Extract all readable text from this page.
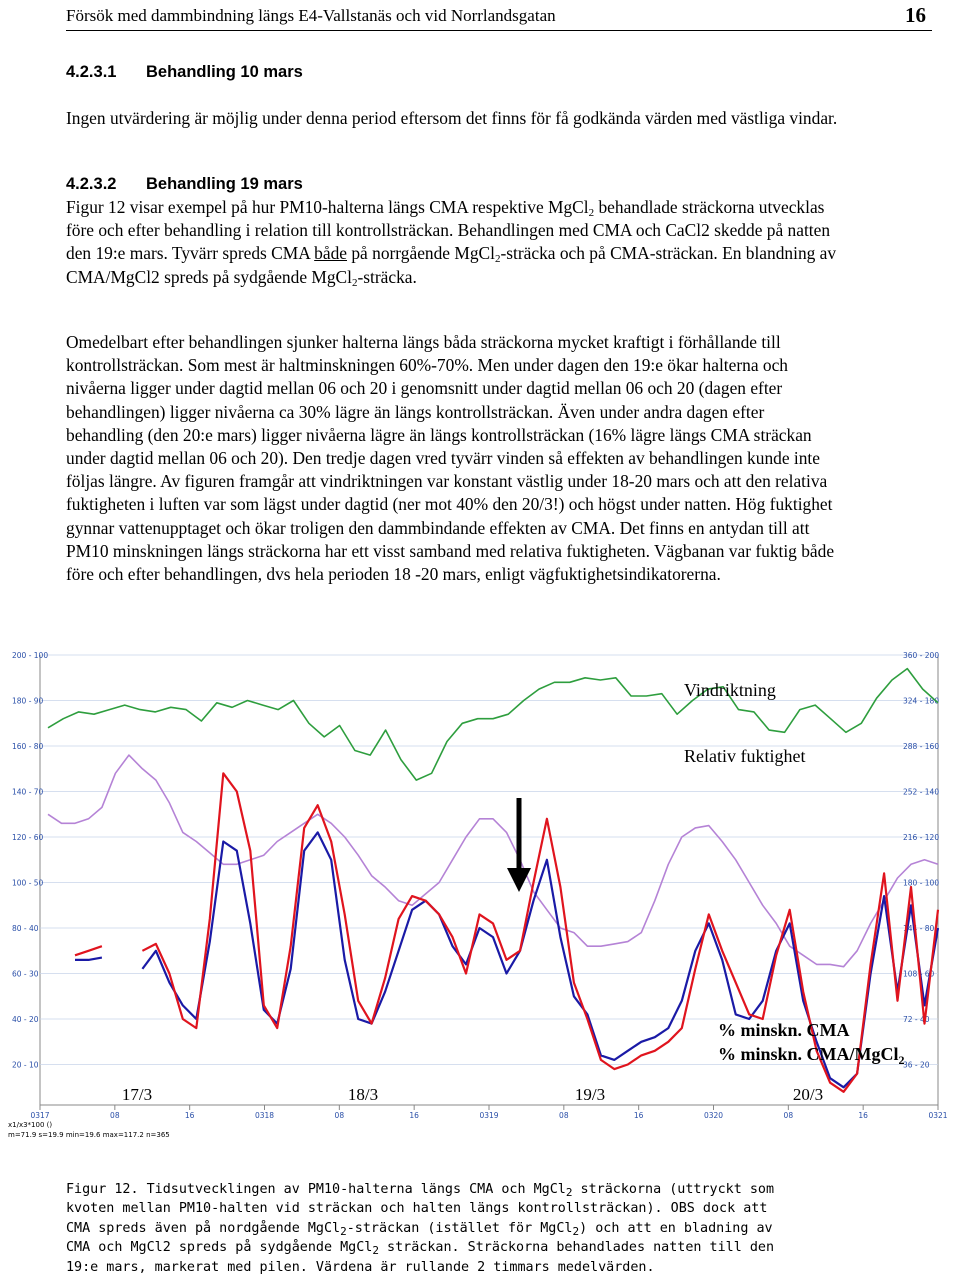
Försök med dammbindning längs E4-Vallstanäs och vid Norrlandsgatan	16
4.2.3.1 Behandling 10 mars

Ingen utvärdering är möjlig under denna period eftersom det finns för få godkända värden med västliga vindar.

4.2.3.2 Behandling 19 mars

Figur 12 visar exempel på hur PM10-halterna längs CMA respektive MgCl$_2$ behandlade sträckorna utvecklas före och efter behandling i relation till kontrollsträckan. Behandlingen med CMA och CaCl2 skedde på natten den 19:e mars. Tyvärr spreds CMA både på norrgående MgCl$_2$-sträcka och på CMA-sträckan. En blandning av CMA/MgCl2 spreds på sydgående MgCl$_2$-sträcka.

Omedelbart efter behandlingen sjunker halterna längs båda sträckorna mycket kraftigt i förhållande till kontrollsträckan. Som mest är haltminskningen 60%-70%. Men under dagen den 19:e ökar halterna och nivåerna ligger under dagtid mellan 06 och 20 i genomsnitt under dagtid mellan 06 och 20 (dagen efter behandlingen) ligger nivåerna ca 30% lägre än längs kontrollsträckan. Även under andra dagen efter behandling (den 20:e mars) ligger nivåerna lägre än längs kontrollsträckan (16% lägre längs CMA sträckan under dagtid mellan 06 och 20). Den tredje dagen vred tyvärr vinden så effekten av behandlingen kunde inte följas längre. Av figuren framgår att vindriktningen var konstant västlig under 18-20 mars och att den relativa fuktigheten i luften var som lägst under dagtid (ner mot 40% den 20/3!) och högst under natten. Hög fuktighet gynnar vattenupptaget och ökar troligen den dammbindande effekten av CMA. Det finns en antydan till att PM10 minskningen längs sträckorna har ett visst samband med relativa fuktigheten. Vägbanan var fuktig både före och efter behandlingen, dvs hela perioden 18 -20 mars, enligt vägfuktighetsindikatorerna.

200 - 100
180 - 90
160 - 80
140 - 70
120 - 60
100 - 50
80 - 40
60 - 30
40 - 20
20 - 10
360 - 200
324 - 180
288 - 160
252 - 140
216 - 120
180 - 100
144 - 80
108 - 60
72 - 40
36 - 20
0317	08	16	0318	08	16	0319	08	16	0320	08	16	0321
17/3	18/3	19/3	20/3
Vindriktning
Relativ fuktighet
% minskn. CMA
% minskn. CMA/MgCl$_2$
x1/x3*100 ()
m=71.9 s=19.9 min=19.6 max=117.2 n=365

Figur 12. Tidsutvecklingen av PM10-halterna längs CMA och MgCl$_2$ sträckorna (uttryckt som

kvoten mellan PM10-halten vid sträckan och halten längs kontrollsträckan). OBS dock att

CMA spreds även på nordgående MgCl$_2$-sträckan (istället för MgCl$_2$) och att en bladning av

CMA och MgCl2 spreds på sydgående MgCl$_2$ sträckan. Sträckorna behandlades natten till den

19:e mars, markerat med pilen. Värdena är rullande 2 timmars medelvärden.
